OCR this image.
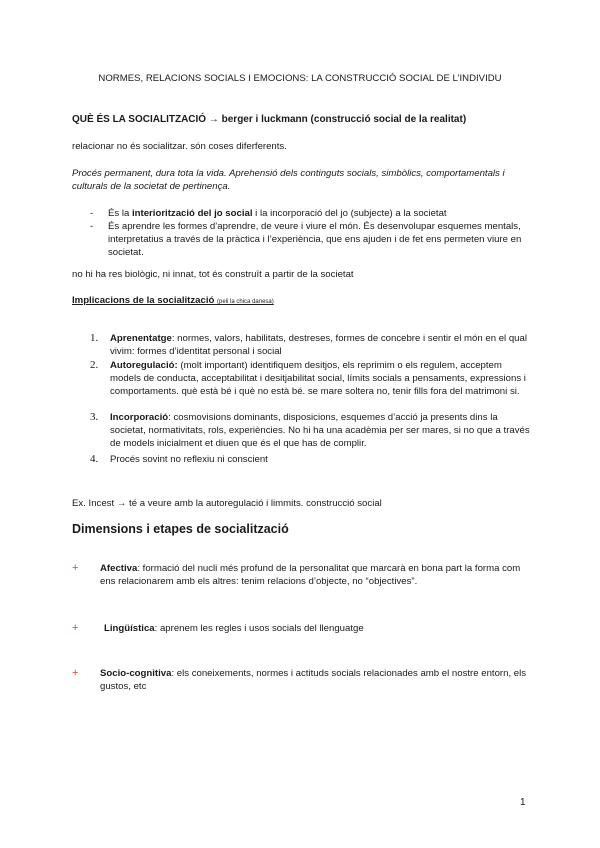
NORMES, RELACIONS SOCIALS I EMOCIONS: LA CONSTRUCCIÓ SOCIAL DE L’INDIVIDU
QUÈ ÉS LA SOCIALITZACIÓ → berger i luckmann (construcció social de la realitat)
relacionar no és socialitzar. són coses diferferents.
Procés permanent, dura tota la vida. Aprehensió dels continguts socials, simbòlics, comportamentals i culturals de la societat de pertinença.
- És la interiorització del jo social i la incorporació del jo (subjecte) a la societat
- És aprendre les formes d’aprendre, de veure i viure el món. És desenvolupar esquemes mentals, interpretatius a través de la pràctica i l’experiència, que ens ajuden i de fet ens permeten viure en societat.
no hi ha res biològic, ni innat, tot és construït a partir de la societat
Implicacions de la socialització (peli la chica danesa)
1. Aprenentatge: normes, valors, habilitats, destreses, formes de concebre i sentir el món en el qual vivim: formes d’identitat personal i social
2. Autoregulació: (molt important) identifiquem desitjos, els reprimim o els regulem, acceptem models de conducta, acceptabilitat i desitjabilitat social, límits socials a pensaments, expressions i comportaments. què està bé i què no està bé. se mare soltera no, tenir fills fora del matrimoni si.
3. Incorporació: cosmovisions dominants, disposicions, esquemes d’acció ja presents dins la societat, normativitats, rols, experiències. No hi ha una acadèmia per ser mares, si no que a través de models inicialment et diuen que és el que has de complir.
4. Procés sovint no reflexiu ni conscient
Ex. Incest → té a veure amb la autoregulació i limmits. construcció social
Dimensions i etapes de socialització
+ Afectiva: formació del nucli més profund de la personalitat que marcarà en bona part la forma com ens relacionarem amb els altres: tenim relacions d’objecte, no “objectives”.
+	Lingüística: aprenem les regles i usos socials del llenguatge
+ Socio-cognitiva: els coneixements, normes i actituds socials relacionades amb el nostre entorn, els gustos, etc
1
